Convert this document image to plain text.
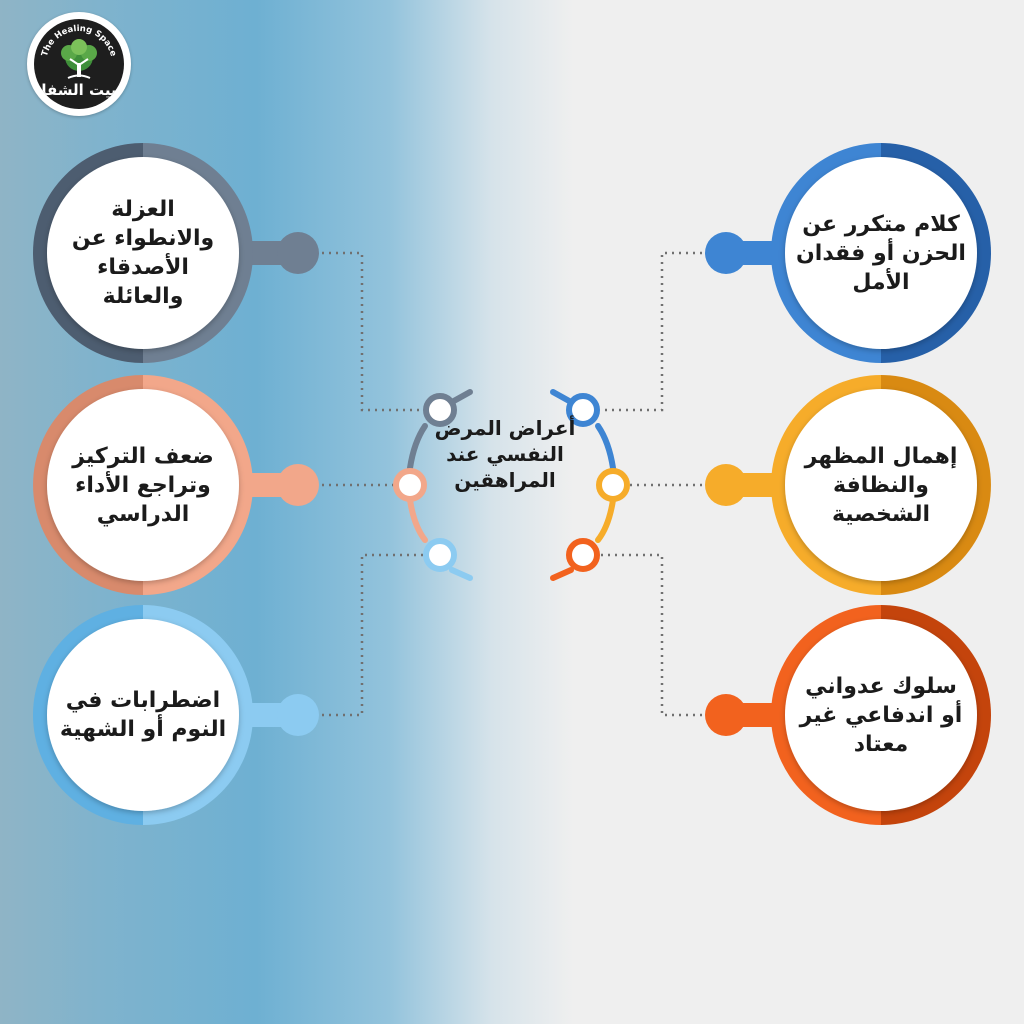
The Healing Space
بيت الشفا
أعراض المرض النفسي عند المراهقين
العزلة والانطواء عن الأصدقاء والعائلة
ضعف التركيز وتراجع الأداء الدراسي
اضطرابات في النوم أو الشهية
كلام متكرر عن الحزن أو فقدان الأمل
إهمال المظهر والنظافة الشخصية
سلوك عدواني أو اندفاعي غير معتاد
